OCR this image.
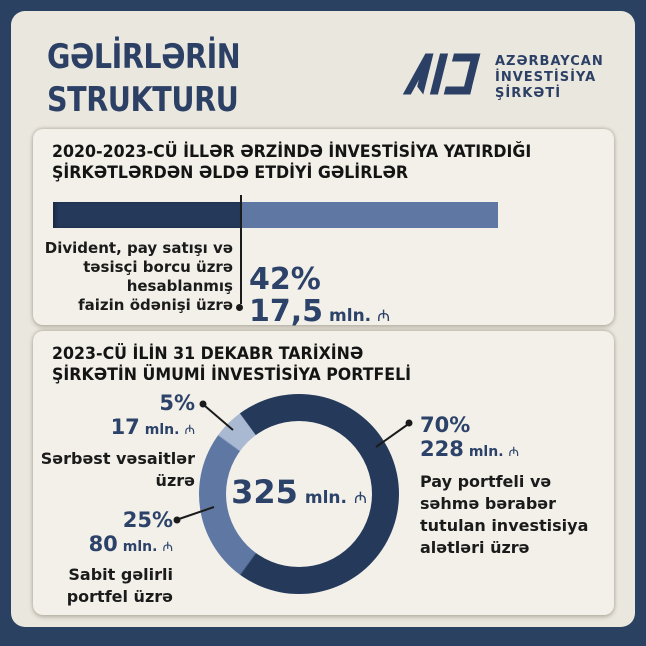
GƏLİRLƏRİN
STRUKTURU
AZƏRBAYCAN
İNVESTİSİYA
ŞİRKƏTİ
2020-2023-CÜ İLLƏR ƏRZİNDƏ İNVESTİSİYA YATIRDIĞI
ŞİRKƏTLƏRDƏN ƏLDƏ ETDİYİ GƏLİRLƏR
Divident, pay satışı və
təsisçi borcu üzrə
hesablanmış
faizin ödənişi üzrə
42%
17,5 mln. ₼
2023-CÜ İLİN 31 DEKABR TARİXİNƏ
ŞİRKƏTİN ÜMUMİ İNVESTİSİYA PORTFELİ
325 mln. ₼
5%
17 mln. ₼
Sərbəst vəsaitlər
üzrə
25%
80 mln. ₼
Sabit gəlirli
portfel üzrə
70%
228 mln. ₼
Pay portfeli və
səhmə bərabər
tutulan investisiya
alətləri üzrə
